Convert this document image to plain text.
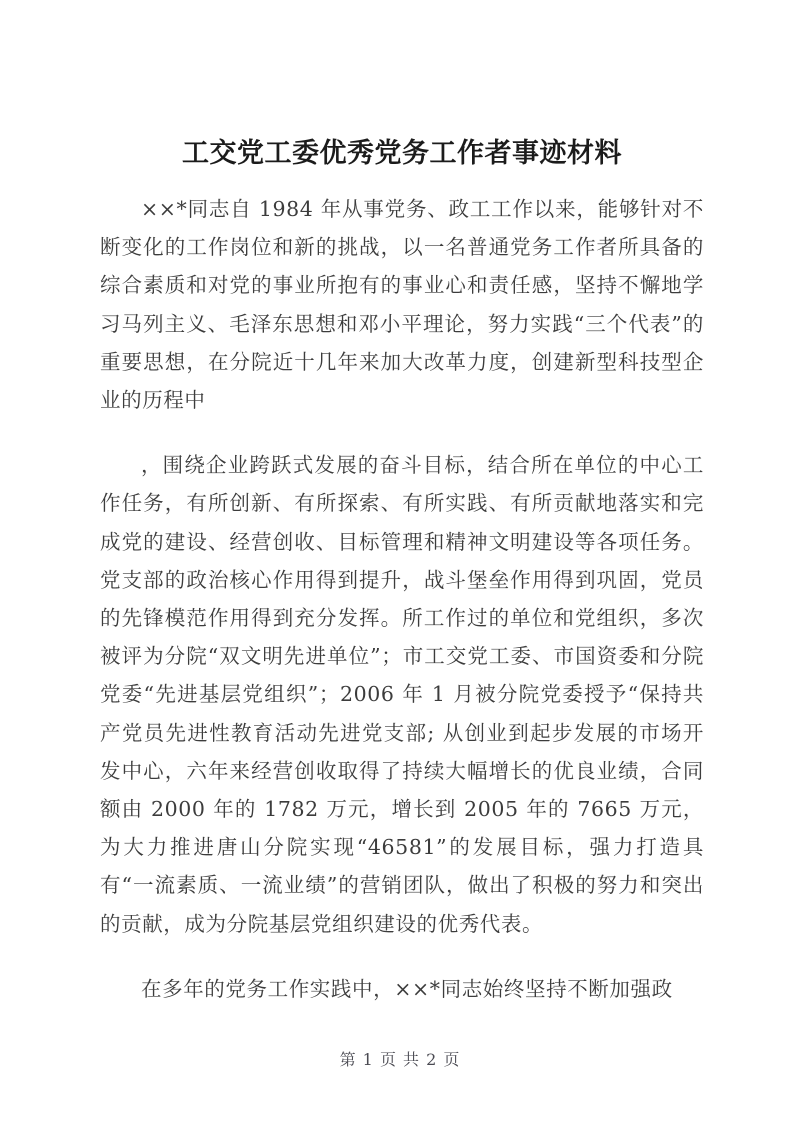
工交党工委优秀党务工作者事迹材料

××*同志自 1984 年从事党务、政工工作以来，能够针对不断变化的工作岗位和新的挑战，以一名普通党务工作者所具备的综合素质和对党的事业所抱有的事业心和责任感，坚持不懈地学习马列主义、毛泽东思想和邓小平理论，努力实践“三个代表”的重要思想，在分院近十几年来加大改革力度，创建新型科技型企业的历程中

，围绕企业跨跃式发展的奋斗目标，结合所在单位的中心工作任务，有所创新、有所探索、有所实践、有所贡献地落实和完成党的建设、经营创收、目标管理和精神文明建设等各项任务。党支部的政治核心作用得到提升，战斗堡垒作用得到巩固，党员的先锋模范作用得到充分发挥。所工作过的单位和党组织，多次被评为分院“双文明先进单位”；市工交党工委、市国资委和分院党委“先进基层党组织”；2006 年 1 月被分院党委授予“保持共产党员先进性教育活动先进党支部; 从创业到起步发展的市场开发中心，六年来经营创收取得了持续大幅增长的优良业绩，合同额由 2000 年的 1782 万元，增长到 2005 年的 7665 万元，为大力推进唐山分院实现“46581”的发展目标，强力打造具有“一流素质、一流业绩”的营销团队，做出了积极的努力和突出的贡献，成为分院基层党组织建设的优秀代表。

在多年的党务工作实践中，××*同志始终坚持不断加强政

第 1 页 共 2 页
